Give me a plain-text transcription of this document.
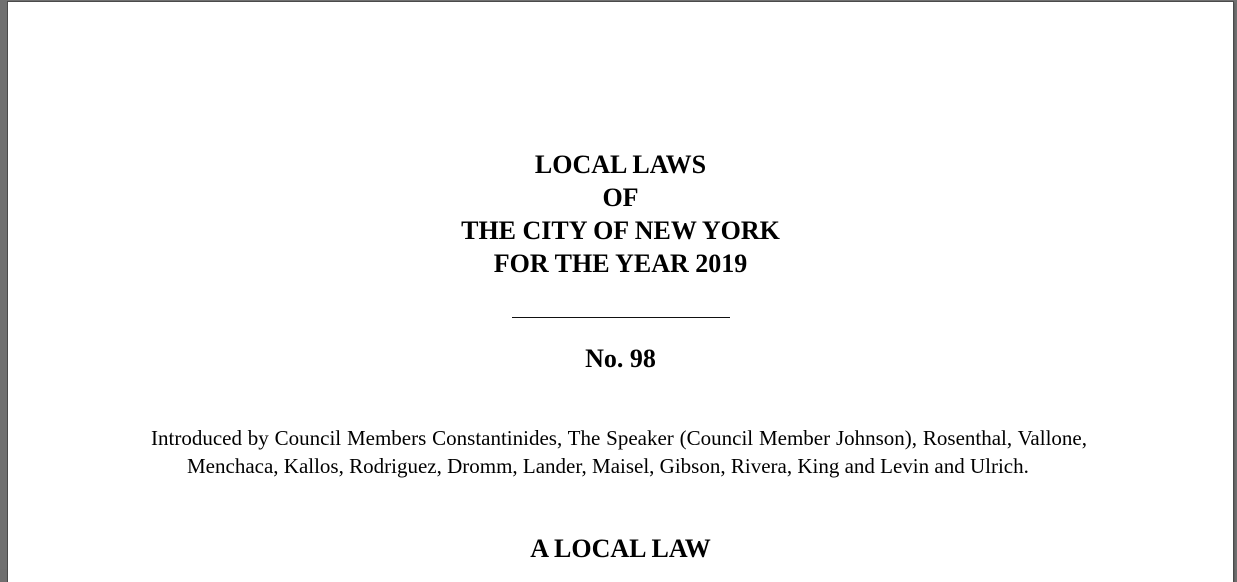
LOCAL LAWS
OF
THE CITY OF NEW YORK
FOR THE YEAR 2019
No. 98
Introduced by Council Members Constantinides, The Speaker (Council Member Johnson), Rosenthal, Vallone, Menchaca, Kallos, Rodriguez, Dromm, Lander, Maisel, Gibson, Rivera, King and Levin and Ulrich.
A LOCAL LAW
